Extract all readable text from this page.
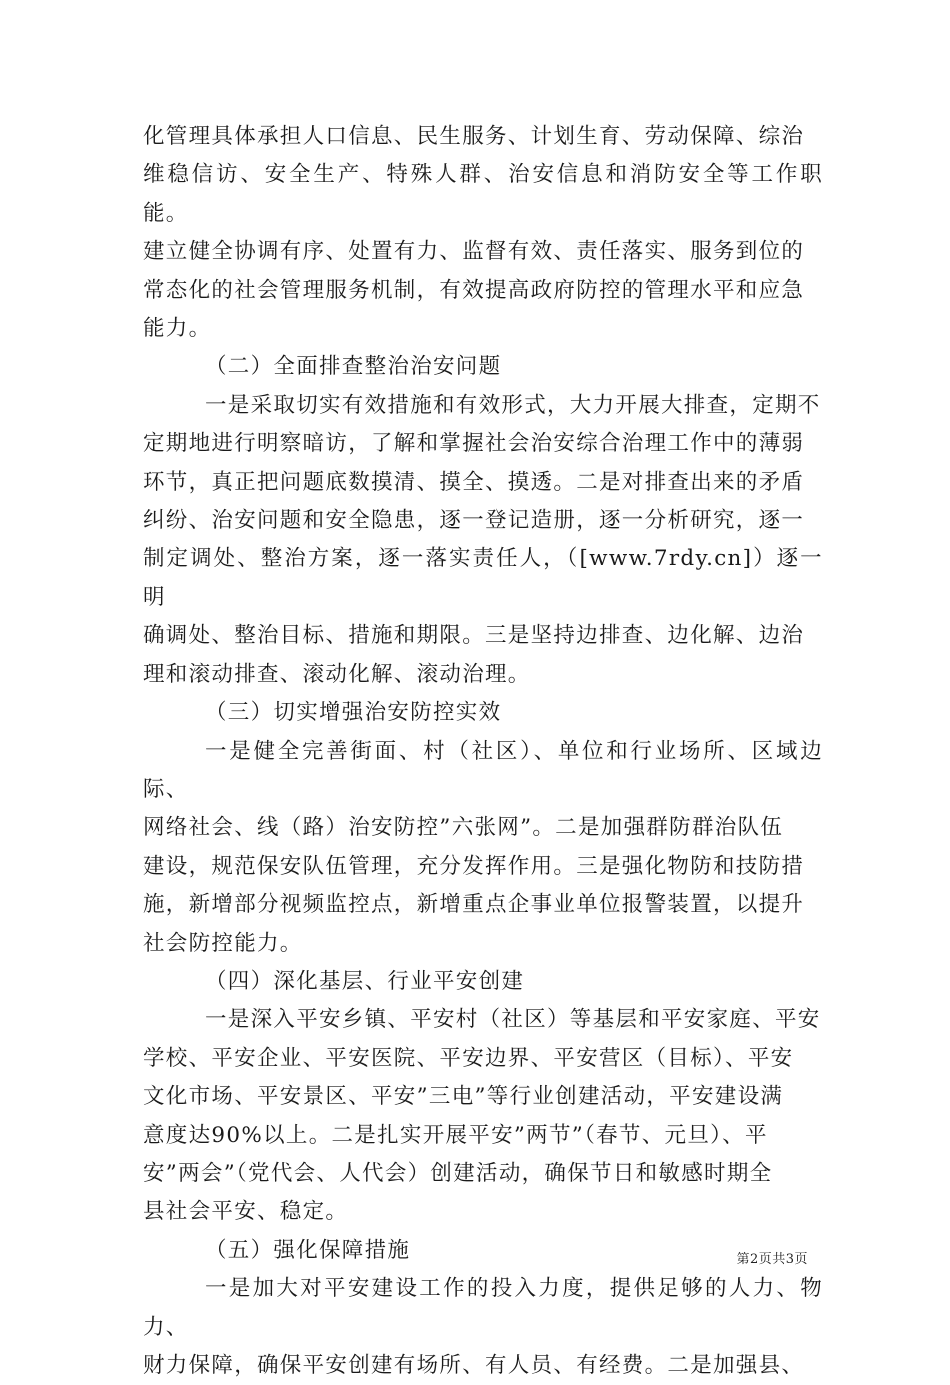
化管理具体承担人口信息、民生服务、计划生育、劳动保障、综治
维稳信访、安全生产、特殊人群、治安信息和消防安全等工作职能。
建立健全协调有序、处置有力、监督有效、责任落实、服务到位的
常态化的社会管理服务机制，有效提高政府防控的管理水平和应急
能力。
（二）全面排查整治治安问题
一是采取切实有效措施和有效形式，大力开展大排查，定期不
定期地进行明察暗访，了解和掌握社会治安综合治理工作中的薄弱
环节，真正把问题底数摸清、摸全、摸透。二是对排查出来的矛盾
纠纷、治安问题和安全隐患，逐一登记造册，逐一分析研究，逐一
制定调处、整治方案，逐一落实责任人，（[www.7rdy.cn]）逐一明
确调处、整治目标、措施和期限。三是坚持边排查、边化解、边治
理和滚动排查、滚动化解、滚动治理。
（三）切实增强治安防控实效
一是健全完善街面、村（社区）、单位和行业场所、区域边际、
网络社会、线（路）治安防控”六张网”。二是加强群防群治队伍
建设，规范保安队伍管理，充分发挥作用。三是强化物防和技防措
施，新增部分视频监控点，新增重点企事业单位报警装置，以提升
社会防控能力。
（四）深化基层、行业平安创建
一是深入平安乡镇、平安村（社区）等基层和平安家庭、平安
学校、平安企业、平安医院、平安边界、平安营区（目标）、平安
文化市场、平安景区、平安”三电”等行业创建活动，平安建设满
意度达90%以上。二是扎实开展平安”两节”（春节、元旦）、平
安”两会”（党代会、人代会）创建活动，确保节日和敏感时期全
县社会平安、稳定。
（五）强化保障措施
一是加大对平安建设工作的投入力度，提供足够的人力、物力、
财力保障，确保平安创建有场所、有人员、有经费。二是加强县、
第2页共3页
